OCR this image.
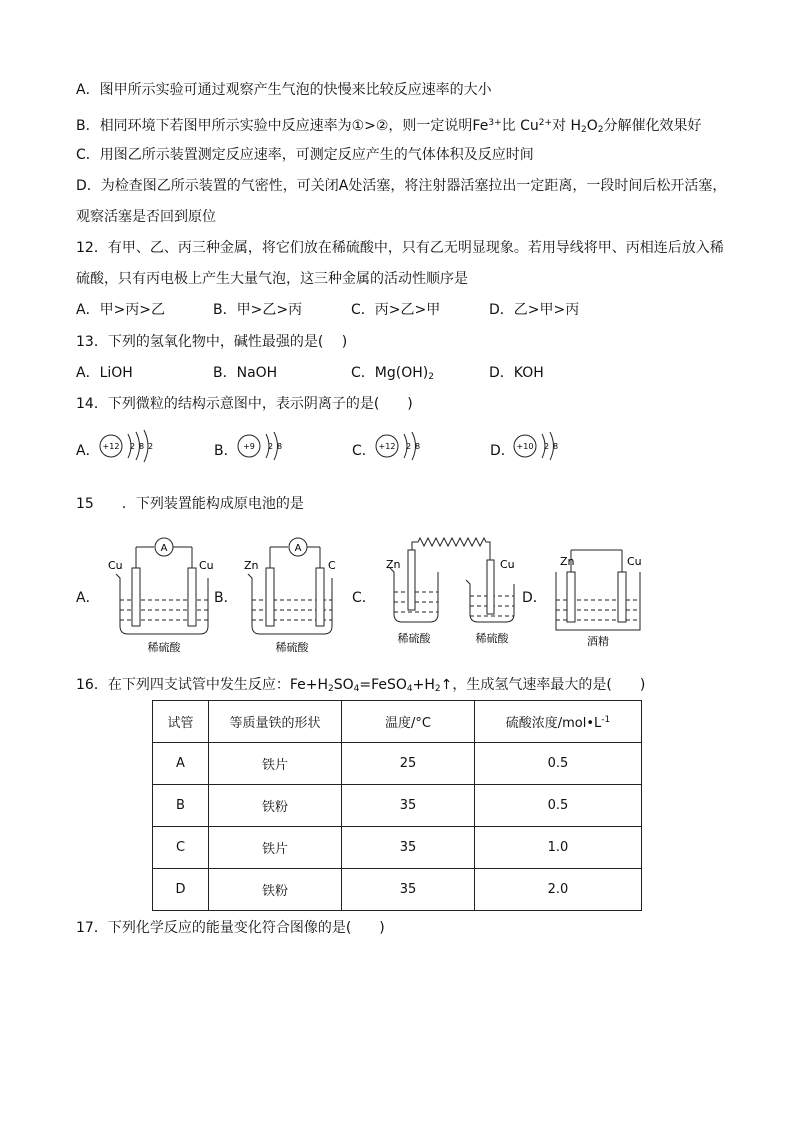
A．图甲所示实验可通过观察产生气泡的快慢来比较反应速率的大小
B．相同环境下若图甲所示实验中反应速率为①>②，则一定说明$Fe^{3+}$比 $Cu^{2+}$对 $H_2O_2$分解催化效果好
C．用图乙所示装置测定反应速率，可测定反应产生的气体体积及反应时间
D．为检查图乙所示装置的气密性，可关闭A处活塞，将注射器活塞拉出一定距离，一段时间后松开活塞，
观察活塞是否回到原位
12．有甲、乙、丙三种金属，将它们放在稀硫酸中，只有乙无明显现象。若用导线将甲、丙相连后放入稀
硫酸，只有丙电极上产生大量气泡，这三种金属的活动性顺序是
A．甲>丙>乙	B．甲>乙>丙	C．丙>乙>甲	D．乙>甲>丙
13．下列的氢氧化物中，碱性最强的是(　 )
A．LiOH	B．NaOH	C．$Mg(OH)_2$	D．KOH
14．下列微粒的结构示意图中，表示阴离子的是(　　)
A． +12 2 8 2	B． +9 2 8	C． +12 2 8	D． +10 2 8
15　　．下列装置能构成原电池的是
A．
A
Cu	Cu
稀硫酸
B．
A
Zn	C
稀硫酸
C．
Zn	Cu
稀硫酸	稀硫酸
D．
Zn	Cu
酒精
16．在下列四支试管中发生反应：$Fe+H_2SO_4=FeSO_4+H_2↑$，生成氢气速率最大的是(　　)
试管	等质量铁的形状	温度/°C	硫酸浓度$/mol•L^{-1}$
A	铁片	25	0.5
B	铁粉	35	0.5
C	铁片	35	1.0
D	铁粉	35	2.0
17．下列化学反应的能量变化符合图像的是(　　)
